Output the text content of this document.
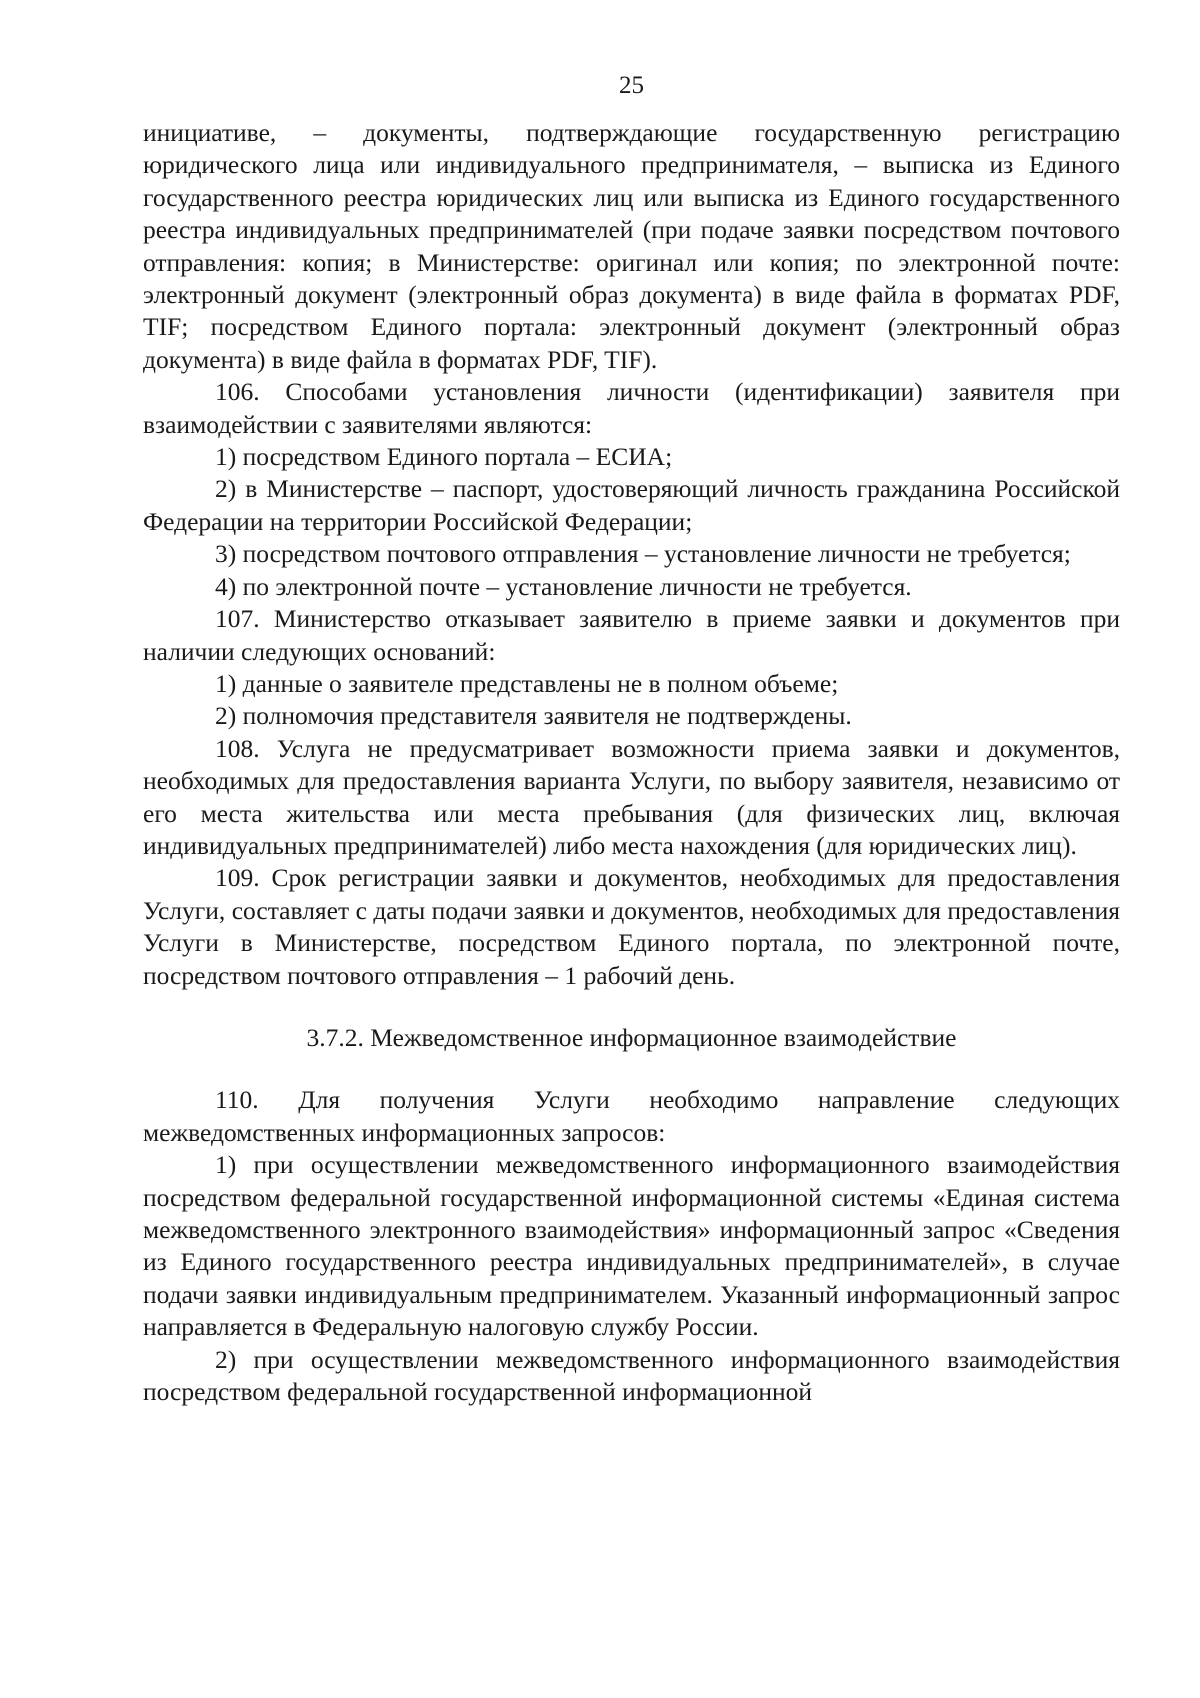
25

инициативе, – документы, подтверждающие государственную регистрацию юридического лица или индивидуального предпринимателя, – выписка из Единого государственного реестра юридических лиц или выписка из Единого государственного реестра индивидуальных предпринимателей (при подаче заявки посредством почтового отправления: копия; в Министерстве: оригинал или копия; по электронной почте: электронный документ (электронный образ документа) в виде файла в форматах PDF, TIF; посредством Единого портала: электронный документ (электронный образ документа) в виде файла в форматах PDF, TIF).

106. Способами установления личности (идентификации) заявителя при взаимодействии с заявителями являются:

1) посредством Единого портала – ЕСИА;

2) в Министерстве – паспорт, удостоверяющий личность гражданина Российской Федерации на территории Российской Федерации;

3) посредством почтового отправления – установление личности не требуется;

4) по электронной почте – установление личности не требуется.

107. Министерство отказывает заявителю в приеме заявки и документов при наличии следующих оснований:

1) данные о заявителе представлены не в полном объеме;

2) полномочия представителя заявителя не подтверждены.

108. Услуга не предусматривает возможности приема заявки и документов, необходимых для предоставления варианта Услуги, по выбору заявителя, независимо от его места жительства или места пребывания (для физических лиц, включая индивидуальных предпринимателей) либо места нахождения (для юридических лиц).

109. Срок регистрации заявки и документов, необходимых для предоставления Услуги, составляет с даты подачи заявки и документов, необходимых для предоставления Услуги в Министерстве, посредством Единого портала, по электронной почте, посредством почтового отправления – 1 рабочий день.

3.7.2. Межведомственное информационное взаимодействие

110. Для получения Услуги необходимо направление следующих межведомственных информационных запросов:

1) при осуществлении межведомственного информационного взаимодействия посредством федеральной государственной информационной системы «Единая система межведомственного электронного взаимодействия» информационный запрос «Сведения из Единого государственного реестра индивидуальных предпринимателей», в случае подачи заявки индивидуальным предпринимателем. Указанный информационный запрос направляется в Федеральную налоговую службу России.

2) при осуществлении межведомственного информационного взаимодействия посредством федеральной государственной информационной
